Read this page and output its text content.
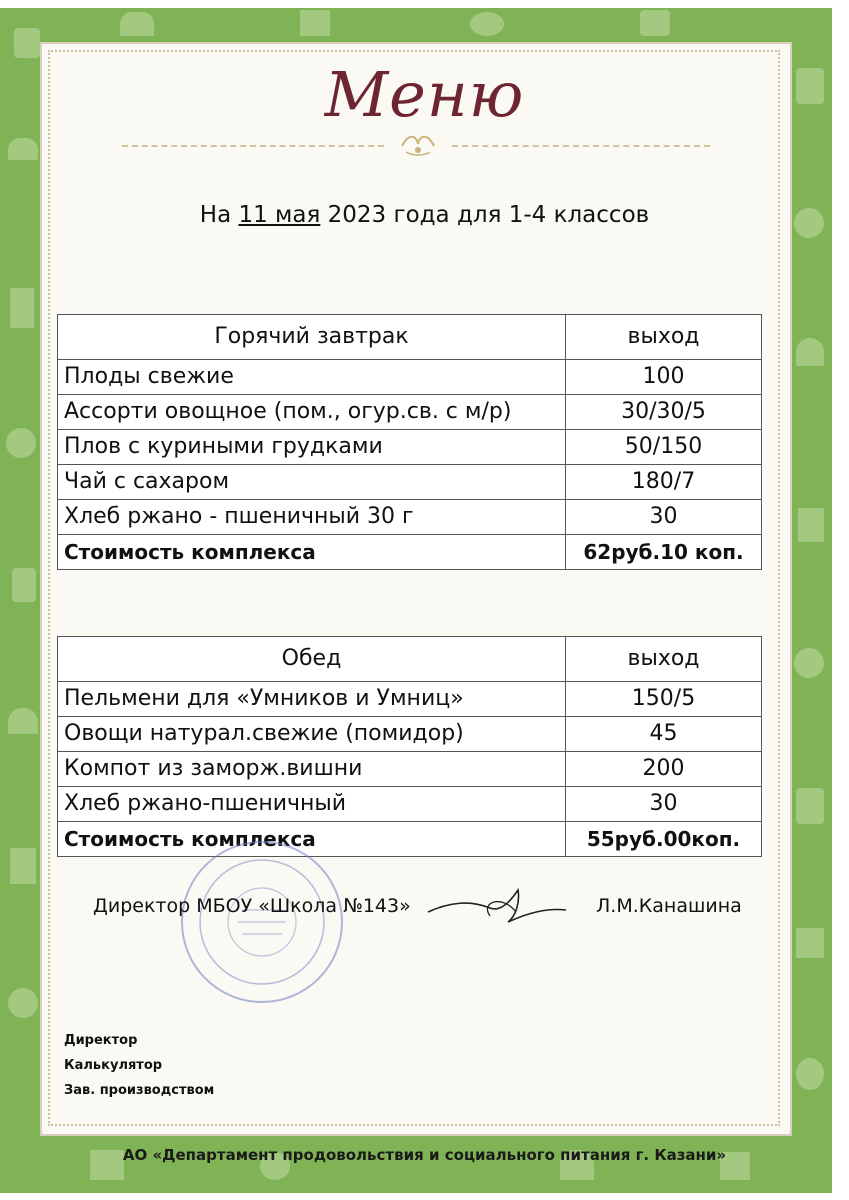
Меню
На 11 мая 2023 года для 1-4 классов
Горячий завтрак	выход
Плоды свежие	100
Ассорти овощное (пом., огур.св. с м/р)	30/30/5
Плов с куриными грудками	50/150
Чай с сахаром	180/7
Хлеб ржано - пшеничный 30 г	30
Стоимость комплекса	62руб.10 коп.
Обед	выход
Пельмени для «Умников и Умниц»	150/5
Овощи натурал.свежие (помидор)	45
Компот из заморж.вишни	200
Хлеб ржано-пшеничный	30
Стоимость комплекса	55руб.00коп.
Директор МБОУ «Школа №143»	Л.М.Канашина
Директор
Калькулятор
Зав. производством
АО «Департамент продовольствия и социального питания г. Казани»
